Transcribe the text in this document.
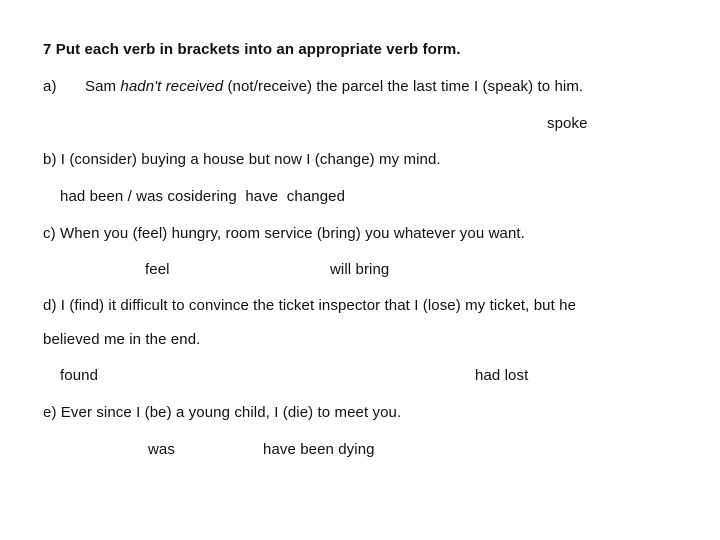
7 Put each verb in brackets into an appropriate verb form.
a) Sam hadn't received (not/receive) the parcel the last time I (speak) to him.
spoke
b) I (consider) buying a house but now I (change) my mind.
had been / was cosidering  have  changed
c) When you (feel) hungry, room service (bring) you whatever you want.
feel	will bring
d) I (find) it difficult to convince the ticket inspector that I (lose) my ticket, but he
believed me in the end.
found	had lost
e) Ever since I (be) a young child, I (die) to meet you.
was	have been dying
